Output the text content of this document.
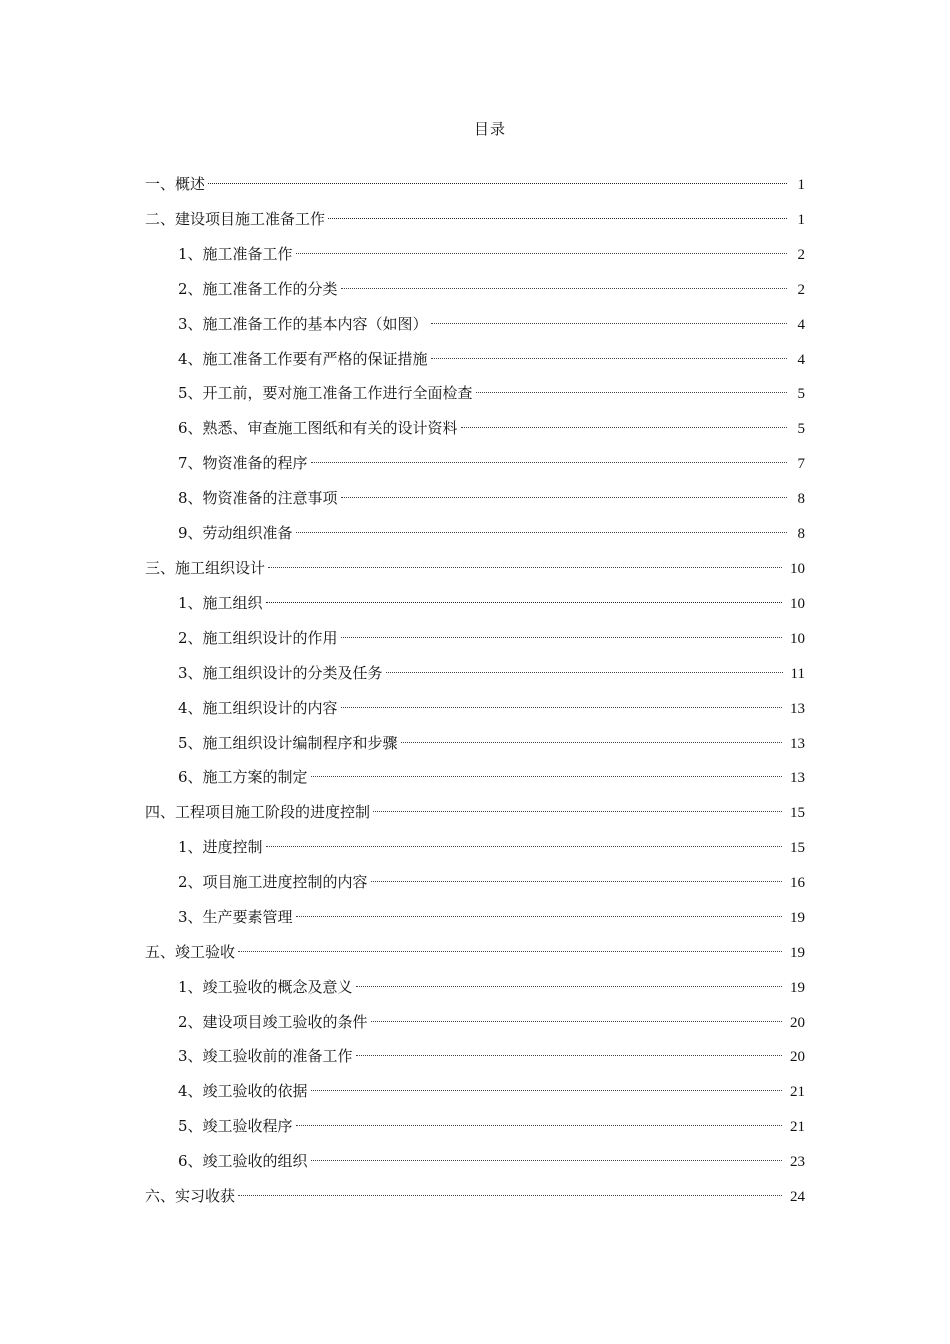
目录
一、概述	1
二、建设项目施工准备工作	1
1、施工准备工作	2
2、施工准备工作的分类	2
3、施工准备工作的基本内容（如图）	4
4、施工准备工作要有严格的保证措施	4
5、开工前，要对施工准备工作进行全面检查	5
6、熟悉、审查施工图纸和有关的设计资料	5
7、物资准备的程序	7
8、物资准备的注意事项	8
9、劳动组织准备	8
三、施工组织设计	10
1、施工组织	10
2、施工组织设计的作用	10
3、施工组织设计的分类及任务	11
4、施工组织设计的内容	13
5、施工组织设计编制程序和步骤	13
6、施工方案的制定	13
四、工程项目施工阶段的进度控制	15
1、进度控制	15
2、项目施工进度控制的内容	16
3、生产要素管理	19
五、竣工验收	19
1、竣工验收的概念及意义	19
2、建设项目竣工验收的条件	20
3、竣工验收前的准备工作	20
4、竣工验收的依据	21
5、竣工验收程序	21
6、竣工验收的组织	23
六、实习收获	24
